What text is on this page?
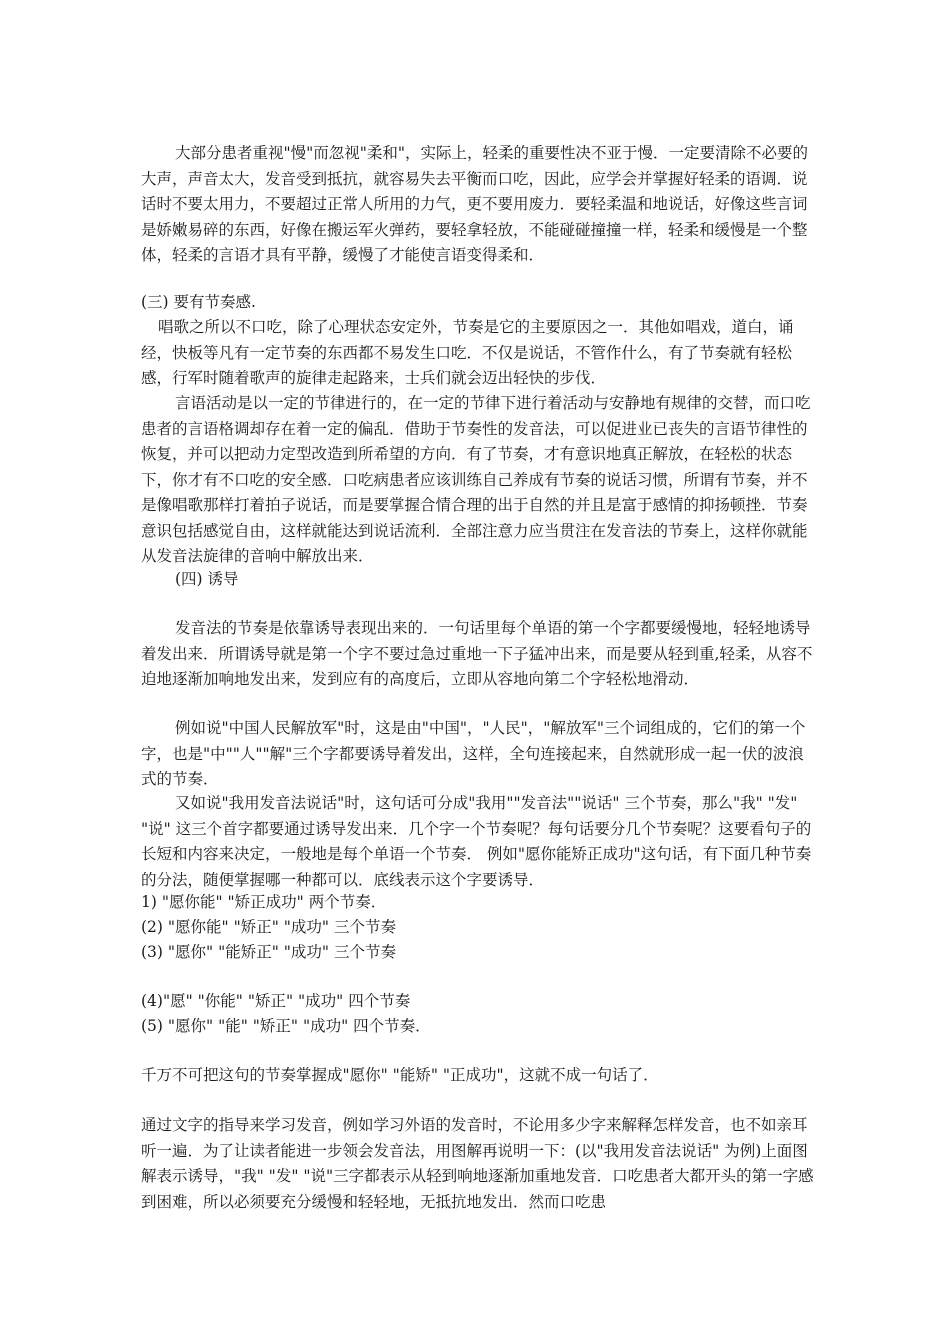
大部分患者重视"慢"而忽视"柔和"，实际上，轻柔的重要性决不亚于慢．一定要清除不必要的大声，声音太大，发音受到抵抗，就容易失去平衡而口吃，因此，应学会并掌握好轻柔的语调．说话时不要太用力，不要超过正常人所用的力气，更不要用废力．要轻柔温和地说话，好像这些言词是娇嫩易碎的东西，好像在搬运军火弹药，要轻拿轻放，不能碰碰撞撞一样，轻柔和缓慢是一个整体，轻柔的言语才具有平静，缓慢了才能使言语变得柔和．

(三) 要有节奏感.

唱歌之所以不口吃，除了心理状态安定外，节奏是它的主要原因之一．其他如唱戏，道白，诵经，快板等凡有一定节奏的东西都不易发生口吃．不仅是说话，不管作什么，有了节奏就有轻松感，行军时随着歌声的旋律走起路来，士兵们就会迈出轻快的步伐．

言语活动是以一定的节律进行的，在一定的节律下进行着活动与安静地有规律的交替，而口吃患者的言语格调却存在着一定的偏乱．借助于节奏性的发音法，可以促进业已丧失的言语节律性的恢复，并可以把动力定型改造到所希望的方向．有了节奏，才有意识地真正解放，在轻松的状态下，你才有不口吃的安全感．口吃病患者应该训练自己养成有节奏的说话习惯，所谓有节奏，并不是像唱歌那样打着拍子说话，而是要掌握合情合理的出于自然的并且是富于感情的抑扬顿挫．节奏意识包括感觉自由，这样就能达到说话流利．全部注意力应当贯注在发音法的节奏上，这样你就能从发音法旋律的音响中解放出来．

(四) 诱导

发音法的节奏是依靠诱导表现出来的．一句话里每个单语的第一个字都要缓慢地，轻轻地诱导着发出来．所谓诱导就是第一个字不要过急过重地一下子猛冲出来，而是要从轻到重,轻柔，从容不迫地逐渐加响地发出来，发到应有的高度后，立即从容地向第二个字轻松地滑动．

例如说"中国人民解放军"时，这是由"中国"，"人民"，"解放军"三个词组成的，它们的第一个字，也是"中""人""解"三个字都要诱导着发出，这样，全句连接起来，自然就形成一起一伏的波浪式的节奏．

又如说"我用发音法说话"时，这句话可分成"我用""发音法""说话" 三个节奏，那么"我" "发" "说" 这三个首字都要通过诱导发出来．几个字一个节奏呢？每句话要分几个节奏呢？这要看句子的长短和内容来决定，一般地是每个单语一个节奏． 例如"愿你能矫正成功"这句话，有下面几种节奏的分法，随便掌握哪一种都可以．底线表示这个字要诱导．

1) "愿你能" "矫正成功" 两个节奏．

(2) "愿你能" "矫正" "成功" 三个节奏

(3) "愿你" "能矫正" "成功" 三个节奏

(4)"愿" "你能" "矫正" "成功" 四个节奏

(5) "愿你" "能" "矫正" "成功" 四个节奏．

千万不可把这句的节奏掌握成"愿你" "能矫" "正成功"，这就不成一句话了．

通过文字的指导来学习发音，例如学习外语的发音时，不论用多少字来解释怎样发音，也不如亲耳听一遍．为了让读者能进一步领会发音法，用图解再说明一下：(以"我用发音法说话" 为例)上面图解表示诱导，"我" "发" "说"三字都表示从轻到响地逐渐加重地发音．口吃患者大都开头的第一字感到困难，所以必须要充分缓慢和轻轻地，无抵抗地发出．然而口吃患
